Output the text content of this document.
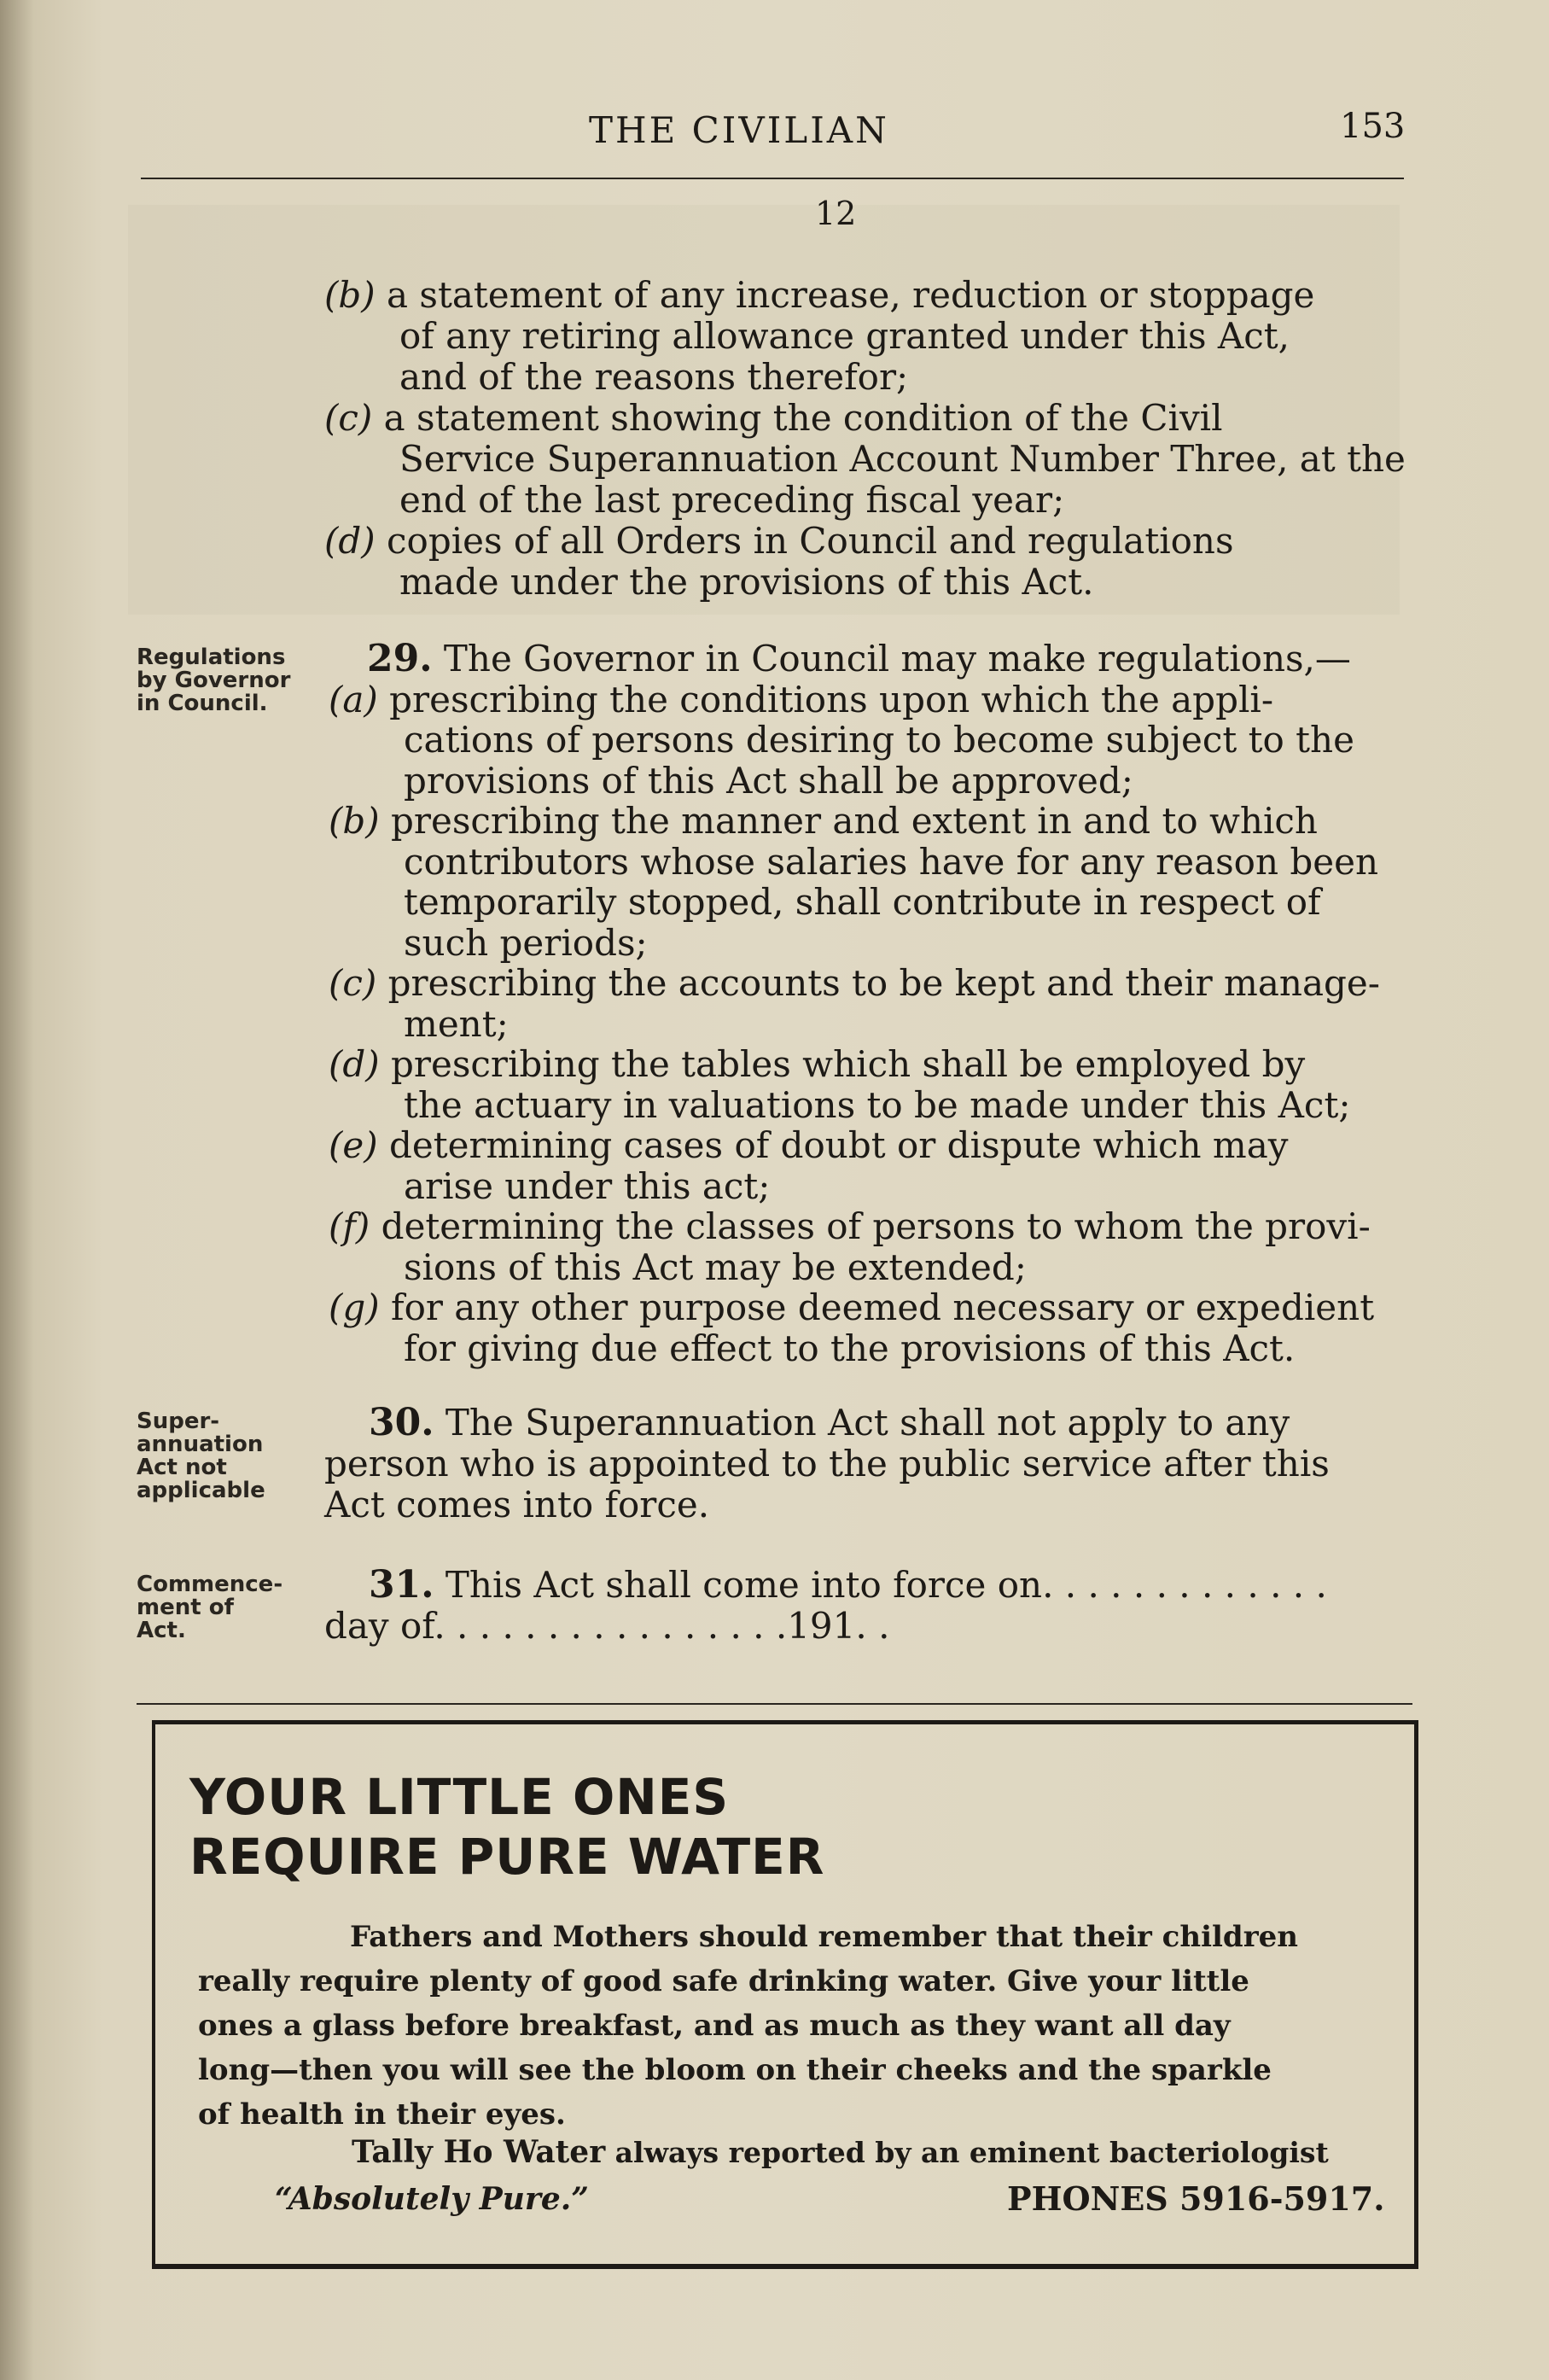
THE CIVILIAN	153
12
(b) a statement of any increase, reduction or stoppage
of any retiring allowance granted under this Act,
and of the reasons therefor;
(c) a statement showing the condition of the Civil
Service Superannuation Account Number Three, at the
end of the last preceding fiscal year;
(d) copies of all Orders in Council and regulations
made under the provisions of this Act.
Regulations
by Governor
in Council.
29. The Governor in Council may make regulations,—
(a) prescribing the conditions upon which the appli-
cations of persons desiring to become subject to the
provisions of this Act shall be approved;
(b) prescribing the manner and extent in and to which
contributors whose salaries have for any reason been
temporarily stopped, shall contribute in respect of
such periods;
(c) prescribing the accounts to be kept and their manage-
ment;
(d) prescribing the tables which shall be employed by
the actuary in valuations to be made under this Act;
(e) determining cases of doubt or dispute which may
arise under this act;
(f) determining the classes of persons to whom the provi-
sions of this Act may be extended;
(g) for any other purpose deemed necessary or expedient
for giving due effect to the provisions of this Act.
Super-
annuation
Act not
applicable
30. The Superannuation Act shall not apply to any
person who is appointed to the public service after this
Act comes into force.
Commence-
ment of
Act.
31. This Act shall come into force on. . . . . . . . . . . . .
day of. . . . . . . . . . . . . . . .191. .
YOUR LITTLE ONES
REQUIRE PURE WATER
Fathers and Mothers should remember that their children
really require plenty of good safe drinking water. Give your little
ones a glass before breakfast, and as much as they want all day
long—then you will see the bloom on their cheeks and the sparkle
of health in their eyes.
Tally Ho Water always reported by an eminent bacteriologist
“Absolutely Pure.”	PHONES 5916-5917.
